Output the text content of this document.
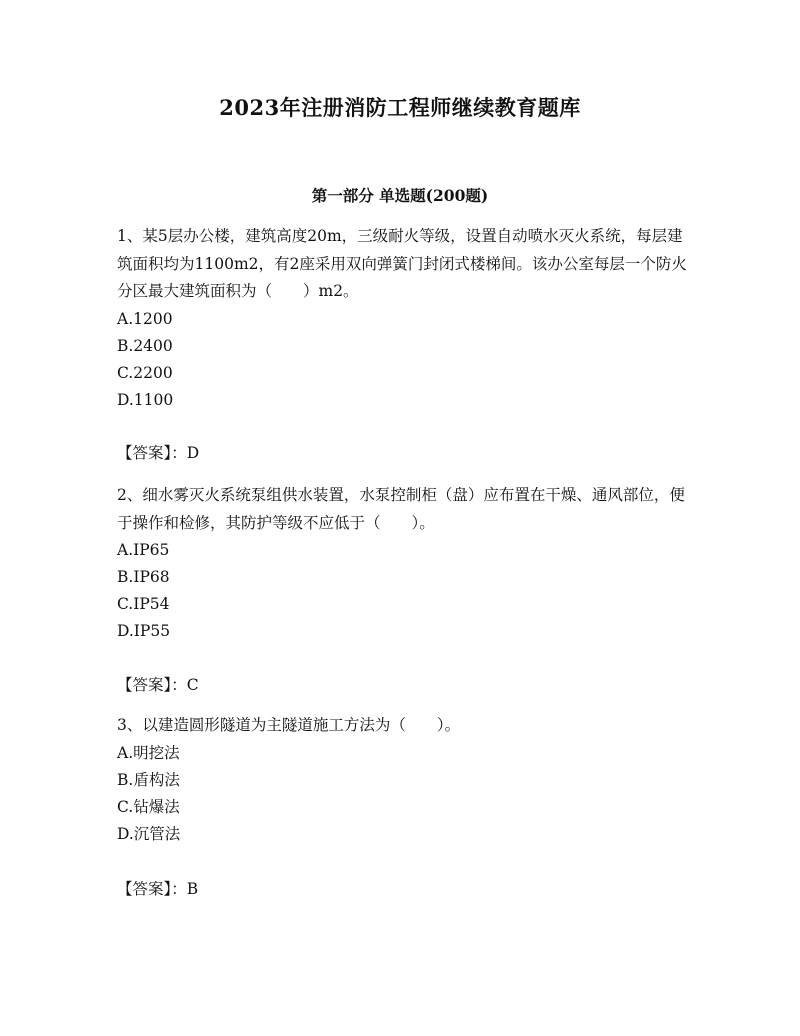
2023年注册消防工程师继续教育题库
第一部分 单选题(200题)

1、某5层办公楼，建筑高度20m，三级耐火等级，设置自动喷水灭火系统，每层建筑面积均为1100m2，有2座采用双向弹簧门封闭式楼梯间。该办公室每层一个防火分区最大建筑面积为（　　）m2。

A.1200

B.2400

C.2200

D.1100

【答案】：D

2、细水雾灭火系统泵组供水装置，水泵控制柜（盘）应布置在干燥、通风部位，便于操作和检修，其防护等级不应低于（　　）。

A.IP65

B.IP68

C.IP54

D.IP55

【答案】：C

3、以建造圆形隧道为主隧道施工方法为（　　）。

A.明挖法

B.盾构法

C.钻爆法

D.沉管法

【答案】：B
